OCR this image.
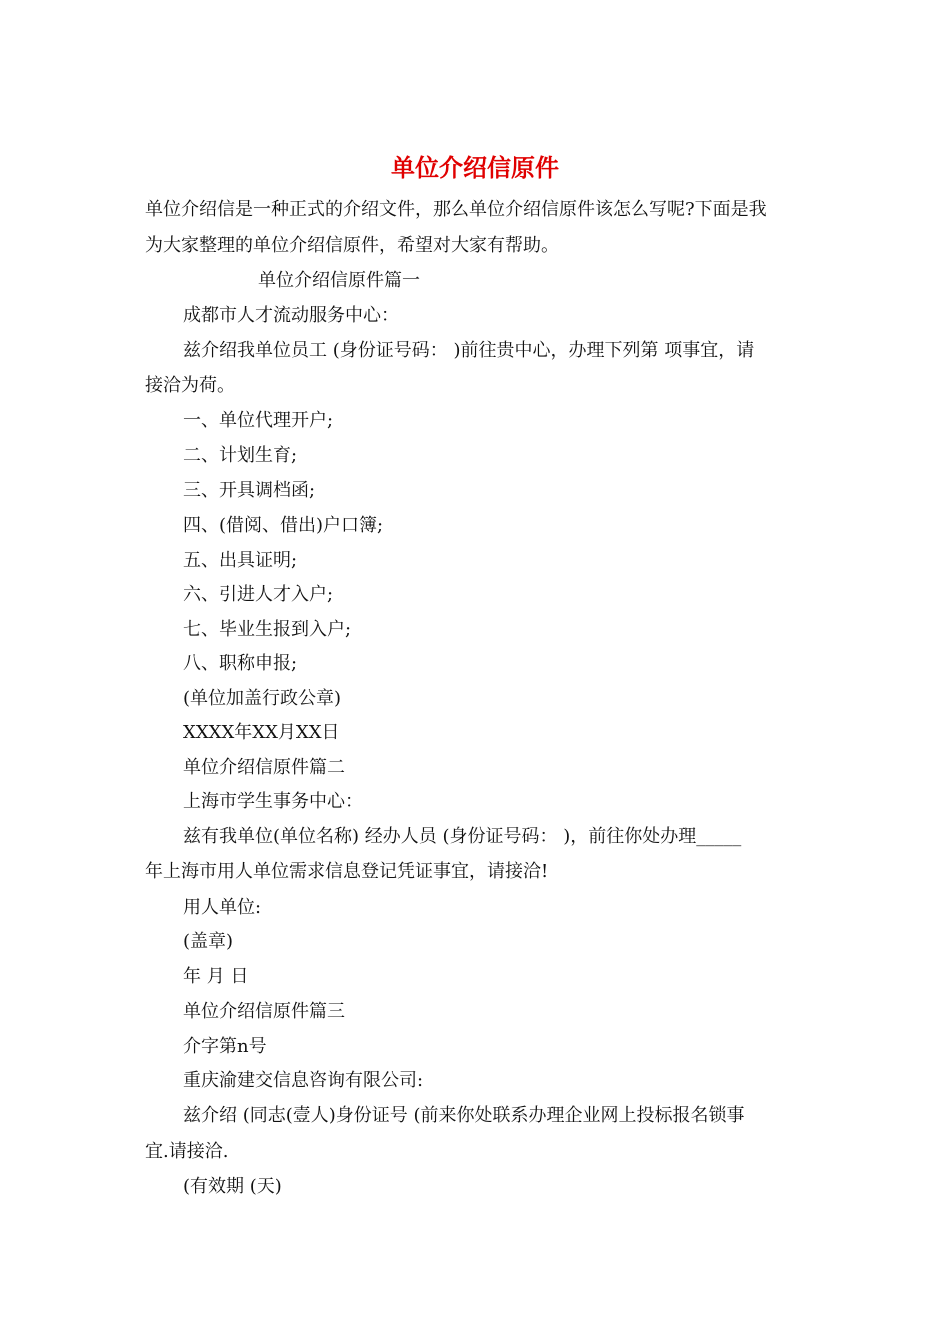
单位介绍信原件
单位介绍信是一种正式的介绍文件，那么单位介绍信原件该怎么写呢?下面是我
为大家整理的单位介绍信原件，希望对大家有帮助。
单位介绍信原件篇一
成都市人才流动服务中心：
兹介绍我单位员工 (身份证号码： )前往贵中心，办理下列第 项事宜，请
接洽为荷。
一、单位代理开户;
二、计划生育;
三、开具调档函;
四、(借阅、借出)户口簿;
五、出具证明;
六、引进人才入户;
七、毕业生报到入户;
八、职称申报;
(单位加盖行政公章)
XXXX年XX月XX日
单位介绍信原件篇二
上海市学生事务中心：
兹有我单位(单位名称) 经办人员 (身份证号码： )，前往你处办理_____
年上海市用人单位需求信息登记凭证事宜，请接洽!
用人单位:
(盖章)
年 月 日
单位介绍信原件篇三
介字第n号
重庆渝建交信息咨询有限公司:
兹介绍 (同志(壹人)身份证号 (前来你处联系办理企业网上投标报名锁事
宜.请接洽.
(有效期 (天)
